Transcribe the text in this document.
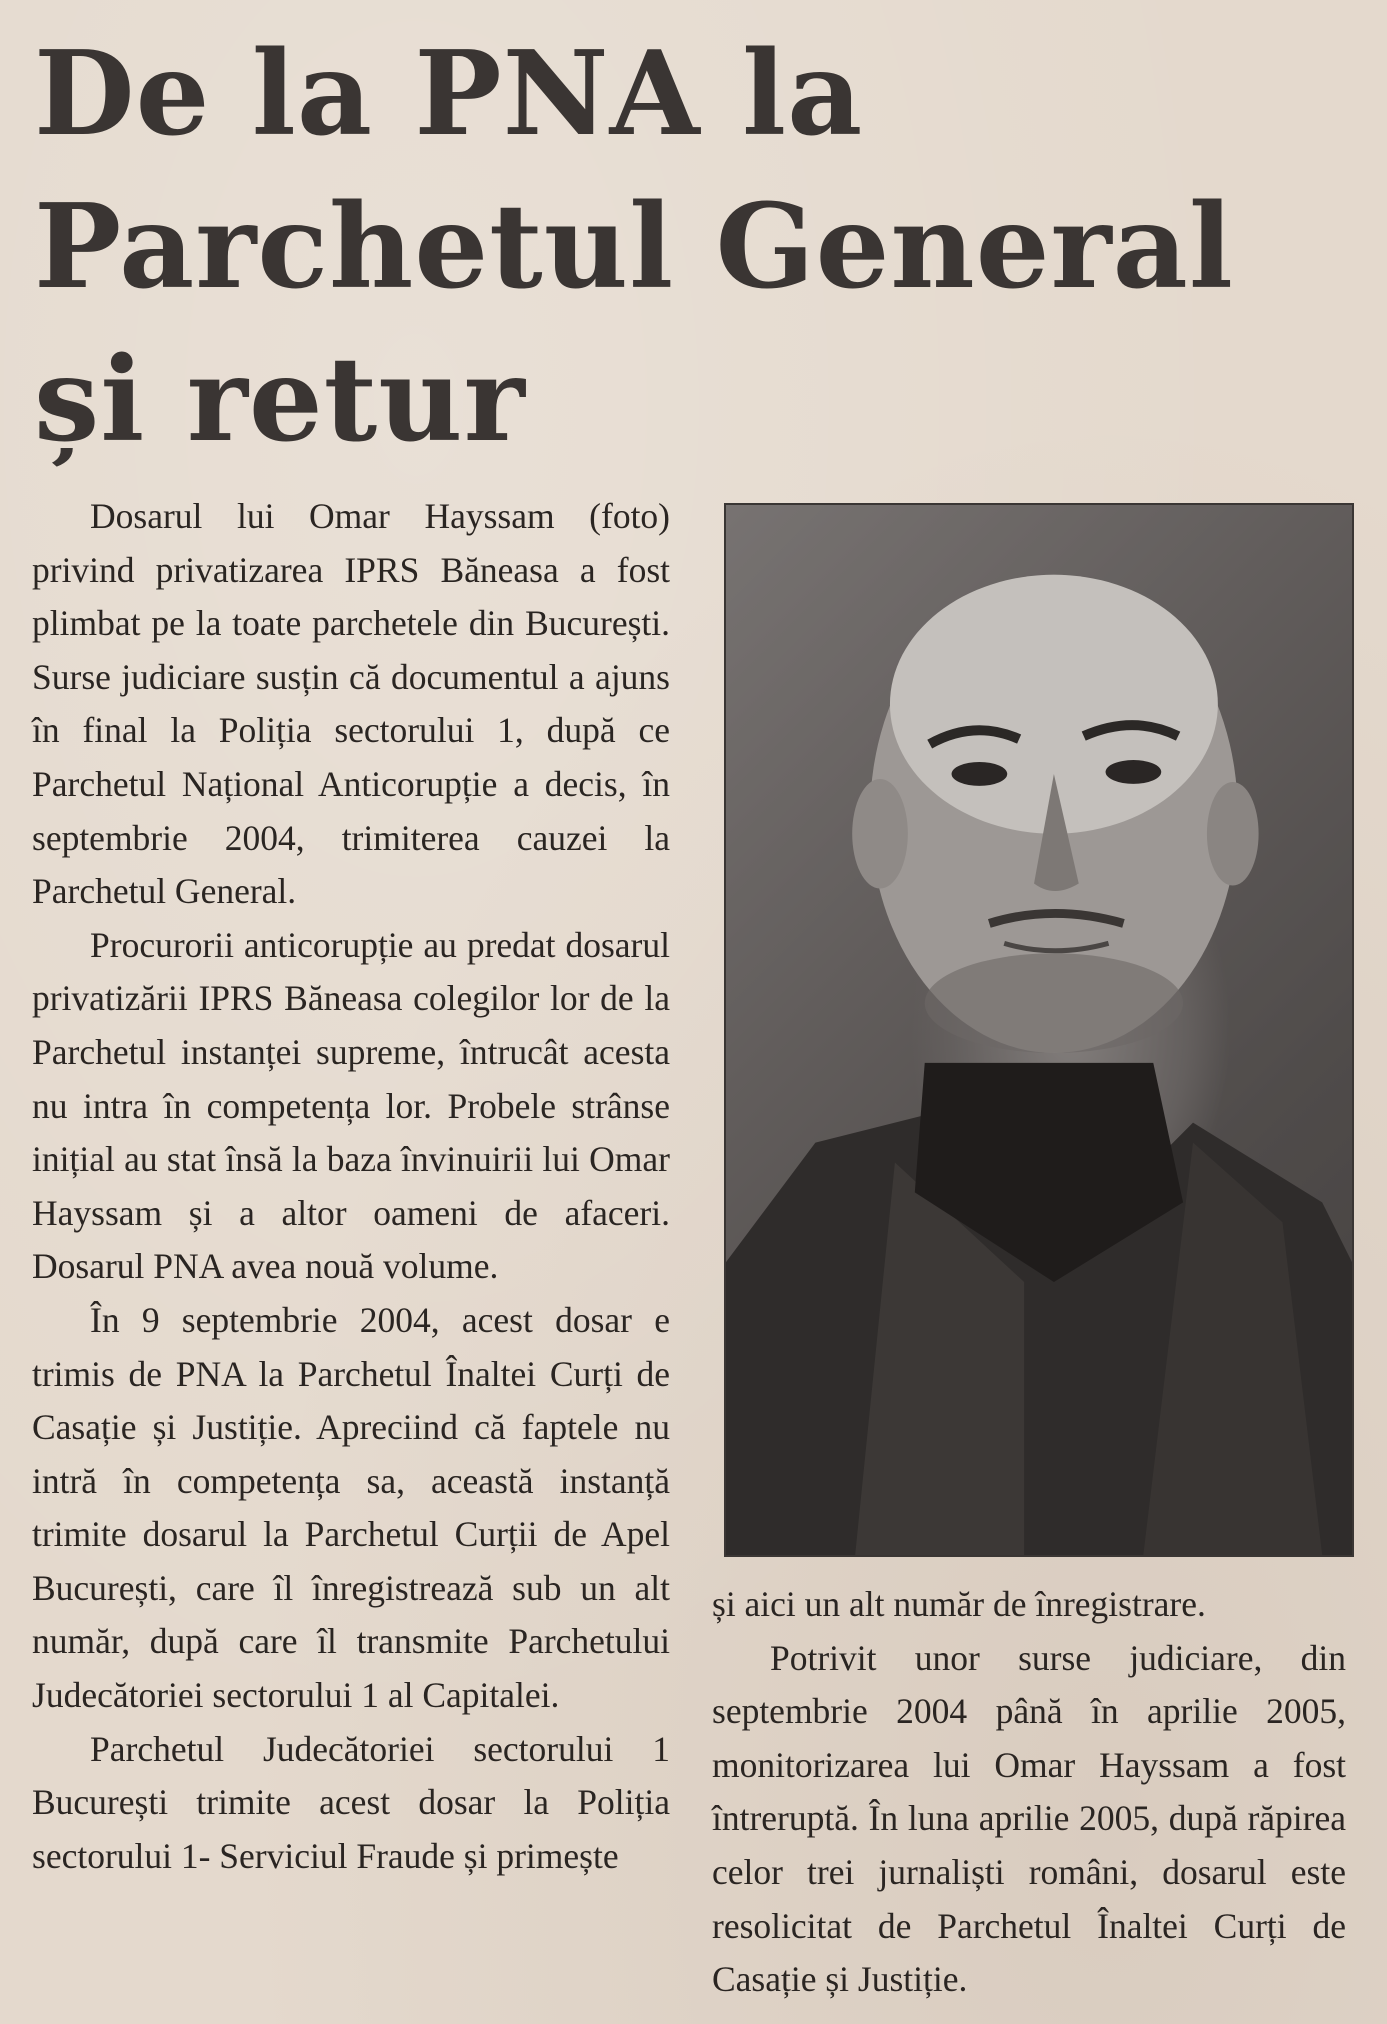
De la PNA la
Parchetul General
și retur

Dosarul lui Omar Hayssam (foto) privind privatizarea IPRS Băneasa a fost plimbat pe la toate parchetele din București. Surse judiciare susțin că documentul a ajuns în final la Poliția sectorului 1, după ce Parchetul Național Anticorupție a decis, în septembrie 2004, trimiterea cauzei la Parchetul General.

Procurorii anticorupție au predat dosarul privatizării IPRS Băneasa colegilor lor de la Parchetul instanței supreme, întrucât acesta nu intra în competența lor. Probele strânse inițial au stat însă la baza învinuirii lui Omar Hayssam și a altor oameni de afaceri. Dosarul PNA avea nouă volume.

În 9 septembrie 2004, acest dosar e trimis de PNA la Parchetul Înaltei Curți de Casație și Justiție. Apreciind că faptele nu intră în competența sa, această instanță trimite dosarul la Parchetul Curții de Apel București, care îl înregistrează sub un alt număr, după care îl transmite Parchetului Judecătoriei sectorului 1 al Capitalei.

Parchetul Judecătoriei sectorului 1 București trimite acest dosar la Poliția sectorului 1- Serviciul Fraude și primește

și aici un alt număr de înregistrare.

Potrivit unor surse judiciare, din septembrie 2004 până în aprilie 2005, monitorizarea lui Omar Hayssam a fost întreruptă. În luna aprilie 2005, după răpirea celor trei jurnaliști români, dosarul este resolicitat de Parchetul Înaltei Curți de Casație și Justiție.
